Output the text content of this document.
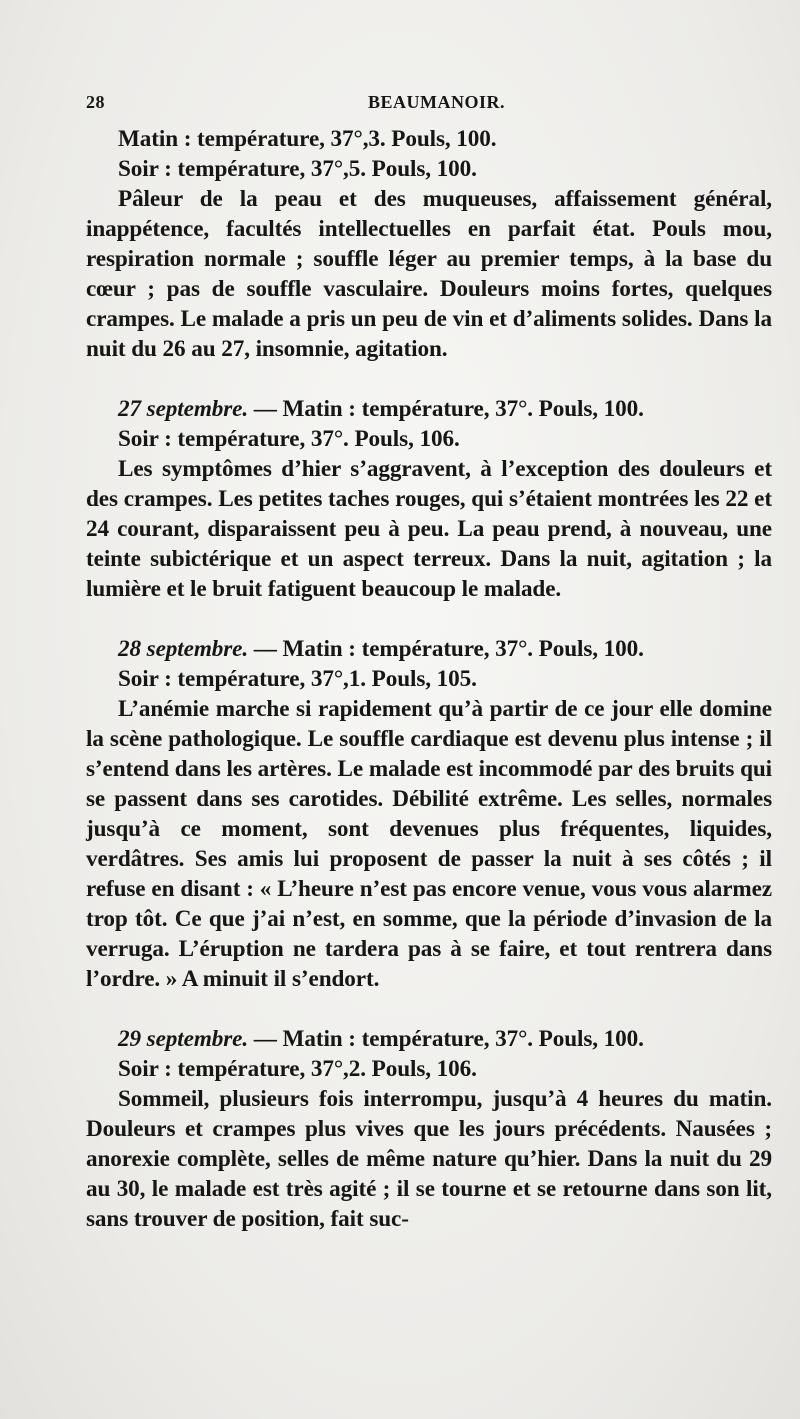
28	BEAUMANOIR.

Matin : température, 37°,3. Pouls, 100.

Soir : température, 37°,5. Pouls, 100.

Pâleur de la peau et des muqueuses, affaissement général, inappétence, facultés intellectuelles en parfait état. Pouls mou, respiration normale ; souffle léger au premier temps, à la base du cœur ; pas de souffle vasculaire. Douleurs moins fortes, quelques crampes. Le malade a pris un peu de vin et d’aliments solides. Dans la nuit du 26 au 27, insomnie, agitation.

27 septembre. — Matin : température, 37°. Pouls, 100.

Soir : température, 37°. Pouls, 106.

Les symptômes d’hier s’aggravent, à l’exception des douleurs et des crampes. Les petites taches rouges, qui s’étaient montrées les 22 et 24 courant, disparaissent peu à peu. La peau prend, à nouveau, une teinte subictérique et un aspect terreux. Dans la nuit, agitation ; la lumière et le bruit fatiguent beaucoup le malade.

28 septembre. — Matin : température, 37°. Pouls, 100.

Soir : température, 37°,1. Pouls, 105.

L’anémie marche si rapidement qu’à partir de ce jour elle domine la scène pathologique. Le souffle cardiaque est devenu plus intense ; il s’entend dans les artères. Le malade est incommodé par des bruits qui se passent dans ses carotides. Débilité extrême. Les selles, normales jusqu’à ce moment, sont devenues plus fréquentes, liquides, verdâtres. Ses amis lui proposent de passer la nuit à ses côtés ; il refuse en disant : « L’heure n’est pas encore venue, vous vous alarmez trop tôt. Ce que j’ai n’est, en somme, que la période d’invasion de la verruga. L’éruption ne tardera pas à se faire, et tout rentrera dans l’ordre. » A minuit il s’endort.

29 septembre. — Matin : température, 37°. Pouls, 100.

Soir : température, 37°,2. Pouls, 106.

Sommeil, plusieurs fois interrompu, jusqu’à 4 heures du matin. Douleurs et crampes plus vives que les jours précédents. Nausées ; anorexie complète, selles de même nature qu’hier. Dans la nuit du 29 au 30, le malade est très agité ; il se tourne et se retourne dans son lit, sans trouver de position, fait suc-
